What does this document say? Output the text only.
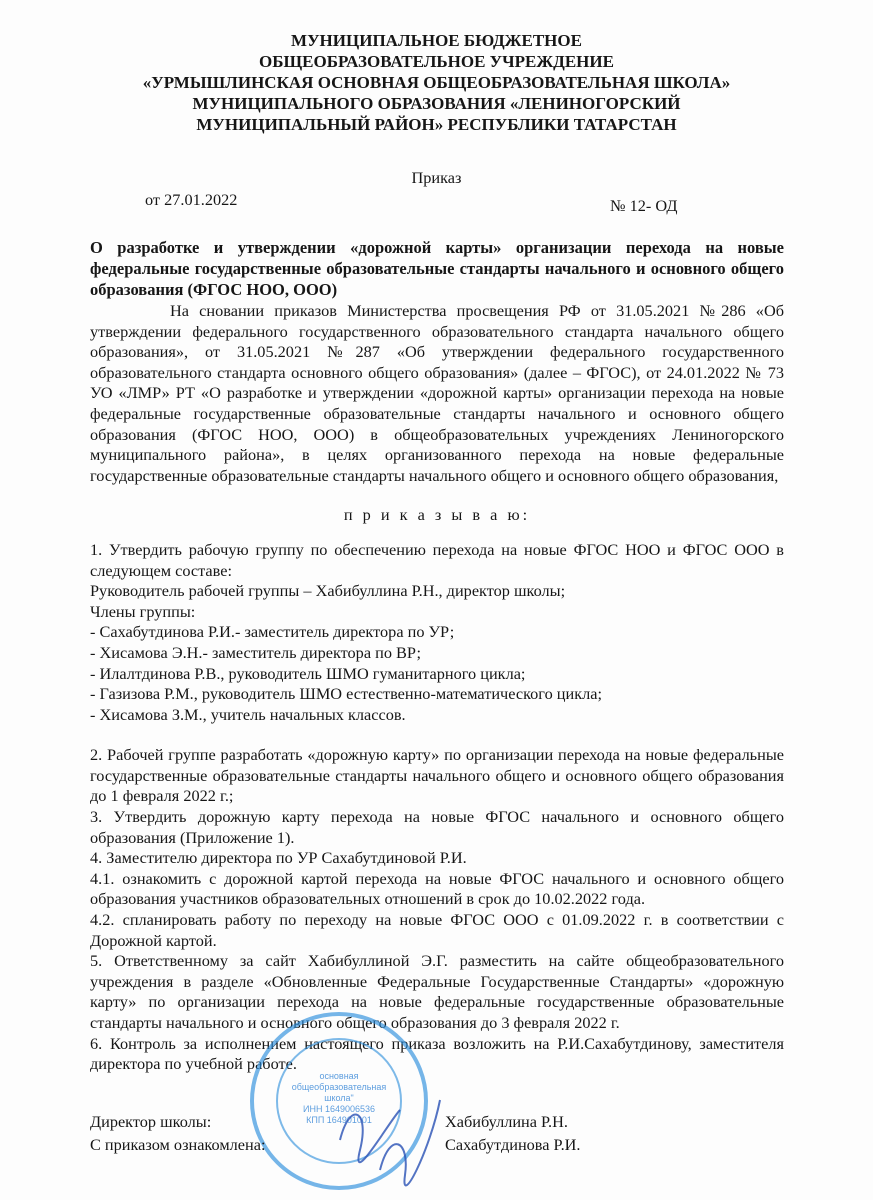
МУНИЦИПАЛЬНОЕ БЮДЖЕТНОЕ
ОБЩЕОБРАЗОВАТЕЛЬНОЕ УЧРЕЖДЕНИЕ
«УРМЫШЛИНСКАЯ ОСНОВНАЯ ОБЩЕОБРАЗОВАТЕЛЬНАЯ ШКОЛА»
МУНИЦИПАЛЬНОГО ОБРАЗОВАНИЯ «ЛЕНИНОГОРСКИЙ
МУНИЦИПАЛЬНЫЙ РАЙОН» РЕСПУБЛИКИ ТАТАРСТАН
Приказ
от 27.01.2022	№ 12- ОД
О разработке и утверждении «дорожной карты» организации перехода на новые федеральные государственные образовательные стандарты начального и основного общего образования (ФГОС НОО, ООО)

На сновании приказов Министерства просвещения РФ от 31.05.2021 №286 «Об утверждении федерального государственного образовательного стандарта начального общего образования», от 31.05.2021 №287 «Об утверждении федерального государственного образовательного стандарта основного общего образования» (далее – ФГОС), от 24.01.2022 № 73 УО «ЛМР» РТ «О разработке и утверждении «дорожной карты» организации перехода на новые федеральные государственные образовательные стандарты начального и основного общего образования (ФГОС НОО, ООО) в общеобразовательных учреждениях Лениногорского муниципального района», в целях организованного перехода на новые федеральные государственные образовательные стандарты начального общего и основного общего образования,

п р и к а з ы в а ю:

1. Утвердить рабочую группу по обеспечению перехода на новые ФГОС НОО и ФГОС ООО в следующем составе:

Руководитель рабочей группы – Хабибуллина Р.Н., директор школы;

Члены группы:

- Сахабутдинова Р.И.- заместитель директора по УР;

- Хисамова Э.Н.- заместитель директора по ВР;

- Илалтдинова Р.В., руководитель ШМО гуманитарного цикла;

- Газизова Р.М., руководитель ШМО естественно-математического цикла;

- Хисамова З.М., учитель начальных классов.

2. Рабочей группе разработать «дорожную карту» по организации перехода на новые федеральные государственные образовательные стандарты начального общего и основного общего образования до 1 февраля 2022 г.;

3. Утвердить дорожную карту перехода на новые ФГОС начального и основного общего образования (Приложение 1).

4. Заместителю директора по УР Сахабутдиновой Р.И.

4.1. ознакомить с дорожной картой перехода на новые ФГОС начального и основного общего образования участников образовательных отношений в срок до 10.02.2022 года.

4.2. спланировать работу по переходу на новые ФГОС ООО с 01.09.2022 г. в соответствии с Дорожной картой.

5. Ответственному за сайт Хабибуллиной Э.Г. разместить на сайте общеобразовательного учреждения в разделе «Обновленные Федеральные Государственные Стандарты» «дорожную карту» по организации перехода на новые федеральные государственные образовательные стандарты начального и основного общего образования до 3 февраля 2022 г.

6. Контроль за исполнением настоящего приказа возложить на Р.И.Сахабутдинову, заместителя директора по учебной работе.

основная
общеобразовательная
школа"
ИНН 1649006536
КПП 164901001
Директор школы:	Хабибуллина Р.Н.
С приказом ознакомлена:	Сахабутдинова Р.И.
